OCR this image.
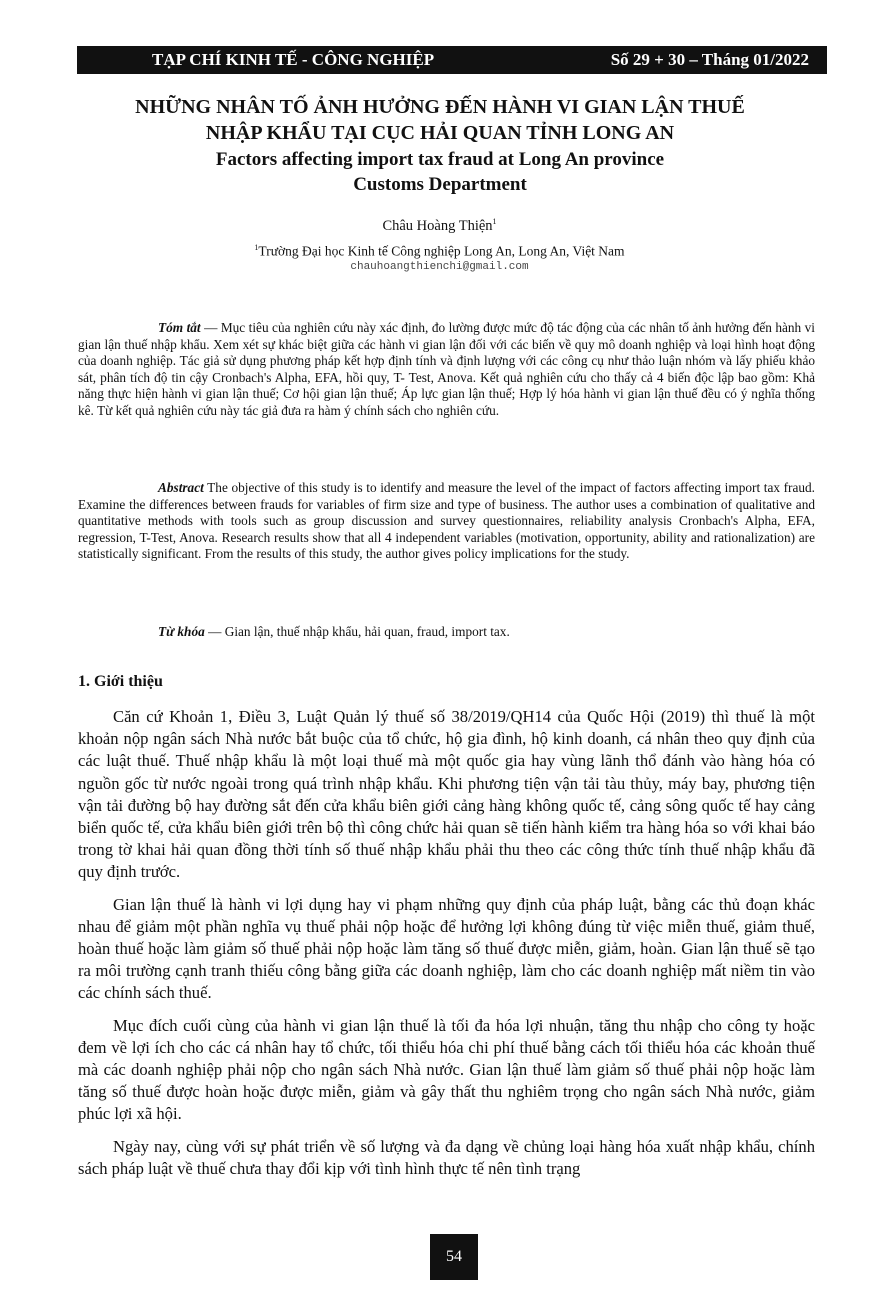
TẠP CHÍ KINH TẾ - CÔNG NGHIỆP	Số 29 + 30 – Tháng 01/2022
NHỮNG NHÂN TỐ ẢNH HƯỞNG ĐẾN HÀNH VI GIAN LẬN THUẾ
NHẬP KHẨU TẠI CỤC HẢI QUAN TỈNH LONG AN
Factors affecting import tax fraud at Long An province
Customs Department
Châu Hoàng Thiện$^1$
$^1$Trường Đại học Kinh tế Công nghiệp Long An, Long An, Việt Nam
chauhoangthienchi@gmail.com

Tóm tắt — Mục tiêu của nghiên cứu này xác định, đo lường được mức độ tác động của các nhân tố ảnh hưởng đến hành vi gian lận thuế nhập khẩu. Xem xét sự khác biệt giữa các hành vi gian lận đối với các biến về quy mô doanh nghiệp và loại hình hoạt động của doanh nghiệp. Tác giả sử dụng phương pháp kết hợp định tính và định lượng với các công cụ như thảo luận nhóm và lấy phiếu khảo sát, phân tích độ tin cậy Cronbach's Alpha, EFA, hồi quy, T- Test, Anova. Kết quả nghiên cứu cho thấy cả 4 biến độc lập bao gồm: Khả năng thực hiện hành vi gian lận thuế; Cơ hội gian lận thuế; Áp lực gian lận thuế; Hợp lý hóa hành vi gian lận thuế đều có ý nghĩa thống kê. Từ kết quả nghiên cứu này tác giả đưa ra hàm ý chính sách cho nghiên cứu.

Abstract The objective of this study is to identify and measure the level of the impact of factors affecting import tax fraud. Examine the differences between frauds for variables of firm size and type of business. The author uses a combination of qualitative and quantitative methods with tools such as group discussion and survey questionnaires, reliability analysis Cronbach's Alpha, EFA, regression, T-Test, Anova. Research results show that all 4 independent variables (motivation, opportunity, ability and rationalization) are statistically significant. From the results of this study, the author gives policy implications for the study.

Từ khóa — Gian lận, thuế nhập khẩu, hải quan, fraud, import tax.

1. Giới thiệu

Căn cứ Khoản 1, Điều 3, Luật Quản lý thuế số 38/2019/QH14 của Quốc Hội (2019) thì thuế là một khoản nộp ngân sách Nhà nước bắt buộc của tổ chức, hộ gia đình, hộ kinh doanh, cá nhân theo quy định của các luật thuế. Thuế nhập khẩu là một loại thuế mà một quốc gia hay vùng lãnh thổ đánh vào hàng hóa có nguồn gốc từ nước ngoài trong quá trình nhập khẩu. Khi phương tiện vận tải tàu thủy, máy bay, phương tiện vận tải đường bộ hay đường sắt đến cửa khẩu biên giới cảng hàng không quốc tế, cảng sông quốc tế hay cảng biển quốc tế, cửa khẩu biên giới trên bộ thì công chức hải quan sẽ tiến hành kiểm tra hàng hóa so với khai báo trong tờ khai hải quan đồng thời tính số thuế nhập khẩu phải thu theo các công thức tính thuế nhập khẩu đã quy định trước.

Gian lận thuế là hành vi lợi dụng hay vi phạm những quy định của pháp luật, bằng các thủ đoạn khác nhau để giảm một phần nghĩa vụ thuế phải nộp hoặc để hưởng lợi không đúng từ việc miễn thuế, giảm thuế, hoàn thuế hoặc làm giảm số thuế phải nộp hoặc làm tăng số thuế được miễn, giảm, hoàn. Gian lận thuế sẽ tạo ra môi trường cạnh tranh thiếu công bằng giữa các doanh nghiệp, làm cho các doanh nghiệp mất niềm tin vào các chính sách thuế.

Mục đích cuối cùng của hành vi gian lận thuế là tối đa hóa lợi nhuận, tăng thu nhập cho công ty hoặc đem về lợi ích cho các cá nhân hay tổ chức, tối thiểu hóa chi phí thuế bằng cách tối thiểu hóa các khoản thuế mà các doanh nghiệp phải nộp cho ngân sách Nhà nước. Gian lận thuế làm giảm số thuế phải nộp hoặc làm tăng số thuế được hoàn hoặc được miễn, giảm và gây thất thu nghiêm trọng cho ngân sách Nhà nước, giảm phúc lợi xã hội.

Ngày nay, cùng với sự phát triển về số lượng và đa dạng về chủng loại hàng hóa xuất nhập khẩu, chính sách pháp luật về thuế chưa thay đổi kịp với tình hình thực tế nên tình trạng

54
